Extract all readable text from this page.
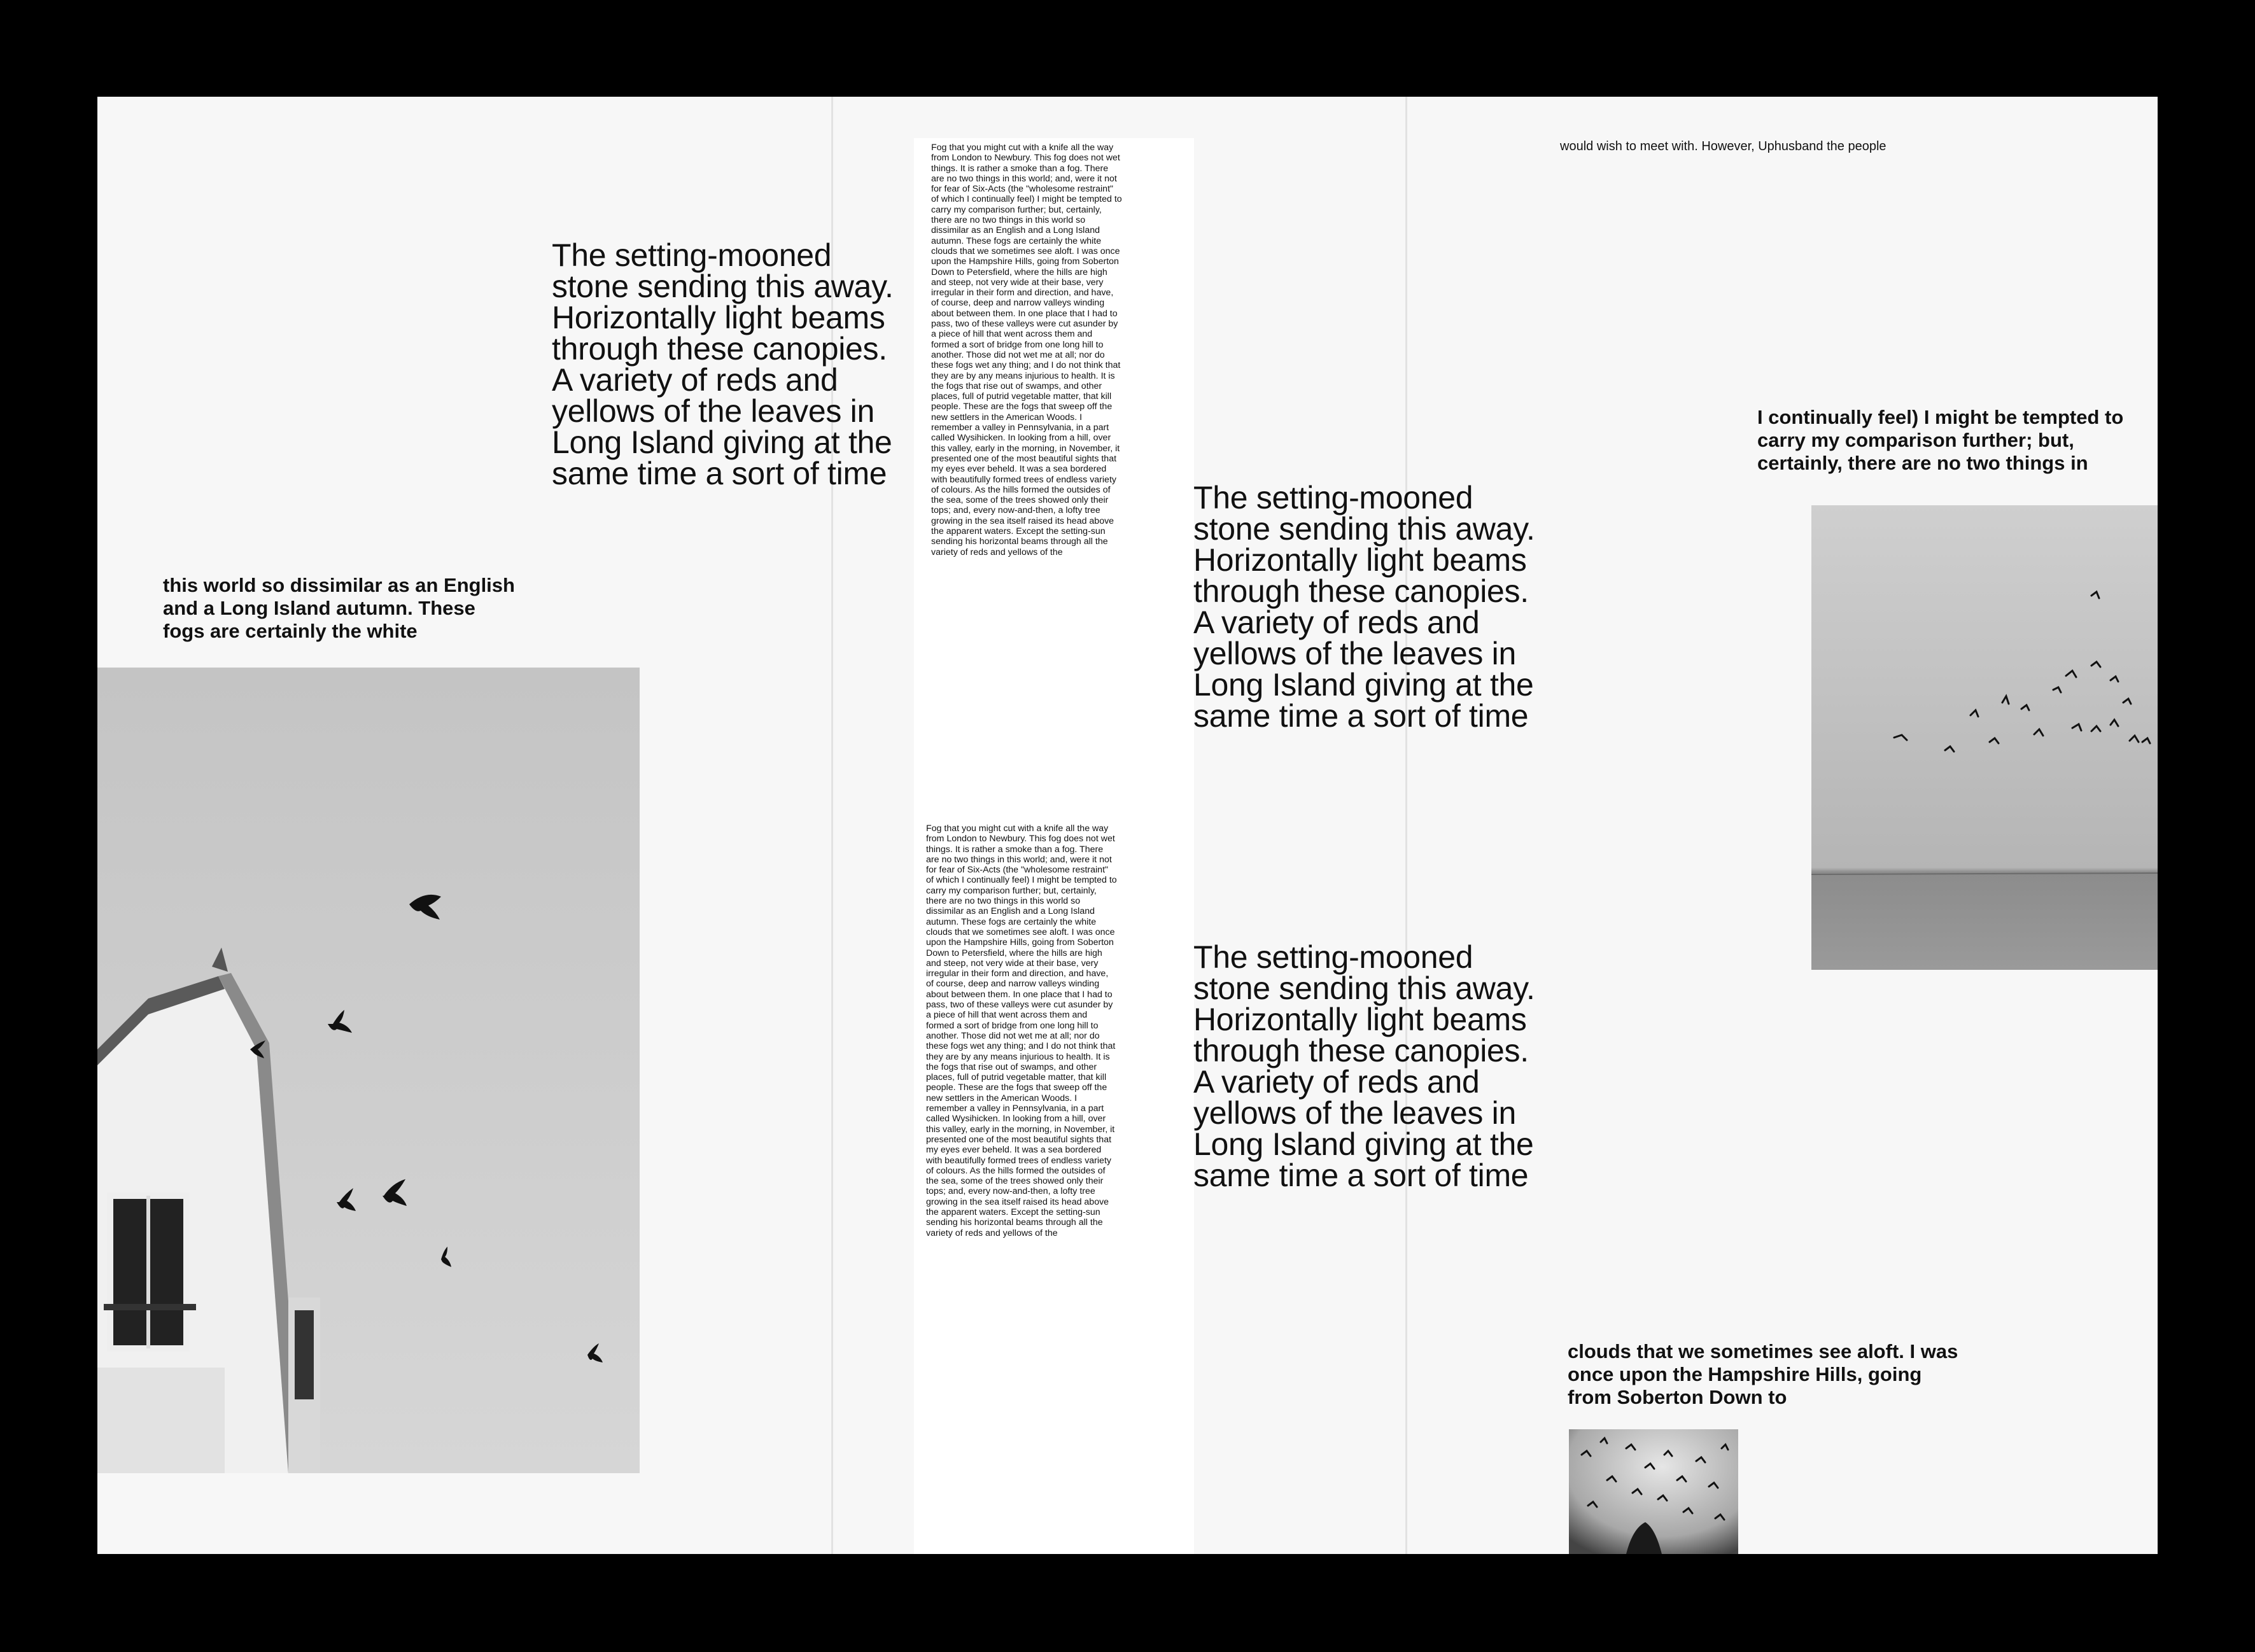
The setting-mooned stone sending this away. Horizontally light beams through these canopies. A variety of reds and yellows of the leaves in Long Island giving at the same time a sort of time

this world so dissimilar as an English and a Long Island autumn. These fogs are certainly the white

Fog that you might cut with a knife all the way from London to Newbury. This fog does not wet things. It is rather a smoke than a fog. There are no two things in this world; and, were it not for fear of Six-Acts (the "wholesome restraint" of which I continually feel) I might be tempted to carry my comparison further; but, certainly, there are no two things in this world so dissimilar as an English and a Long Island autumn. These fogs are certainly the white clouds that we sometimes see aloft. I was once upon the Hampshire Hills, going from Soberton Down to Petersfield, where the hills are high and steep, not very wide at their base, very irregular in their form and direction, and have, of course, deep and narrow valleys winding about between them. In one place that I had to pass, two of these valleys were cut asunder by a piece of hill that went across them and formed a sort of bridge from one long hill to another. Those did not wet me at all; nor do these fogs wet any thing; and I do not think that they are by any means injurious to health. It is the fogs that rise out of swamps, and other places, full of putrid vegetable matter, that kill people. These are the fogs that sweep off the new settlers in the American Woods. I remember a valley in Pennsylvania, in a part called Wysihicken. In looking from a hill, over this valley, early in the morning, in November, it presented one of the most beautiful sights that my eyes ever beheld. It was a sea bordered with beautifully formed trees of endless variety of colours. As the hills formed the outsides of the sea, some of the trees showed only their tops; and, every now-and-then, a lofty tree growing in the sea itself raised its head above the apparent waters. Except the setting-sun sending his horizontal beams through all the variety of reds and yellows of the

Fog that you might cut with a knife all the way from London to Newbury. This fog does not wet things. It is rather a smoke than a fog. There are no two things in this world; and, were it not for fear of Six-Acts (the "wholesome restraint" of which I continually feel) I might be tempted to carry my comparison further; but, certainly, there are no two things in this world so dissimilar as an English and a Long Island autumn. These fogs are certainly the white clouds that we sometimes see aloft. I was once upon the Hampshire Hills, going from Soberton Down to Petersfield, where the hills are high and steep, not very wide at their base, very irregular in their form and direction, and have, of course, deep and narrow valleys winding about between them. In one place that I had to pass, two of these valleys were cut asunder by a piece of hill that went across them and formed a sort of bridge from one long hill to another. Those did not wet me at all; nor do these fogs wet any thing; and I do not think that they are by any means injurious to health. It is the fogs that rise out of swamps, and other places, full of putrid vegetable matter, that kill people. These are the fogs that sweep off the new settlers in the American Woods. I remember a valley in Pennsylvania, in a part called Wysihicken. In looking from a hill, over this valley, early in the morning, in November, it presented one of the most beautiful sights that my eyes ever beheld. It was a sea bordered with beautifully formed trees of endless variety of colours. As the hills formed the outsides of the sea, some of the trees showed only their tops; and, every now-and-then, a lofty tree growing in the sea itself raised its head above the apparent waters. Except the setting-sun sending his horizontal beams through all the variety of reds and yellows of the

The setting-mooned stone sending this away. Horizontally light beams through these canopies. A variety of reds and yellows of the leaves in Long Island giving at the same time a sort of time

The setting-mooned stone sending this away. Horizontally light beams through these canopies. A variety of reds and yellows of the leaves in Long Island giving at the same time a sort of time

would wish to meet with. However, Uphusband the people

I continually feel) I might be tempted to carry my comparison further; but, certainly, there are no two things in

clouds that we sometimes see aloft. I was once upon the Hampshire Hills, going from Soberton Down to
